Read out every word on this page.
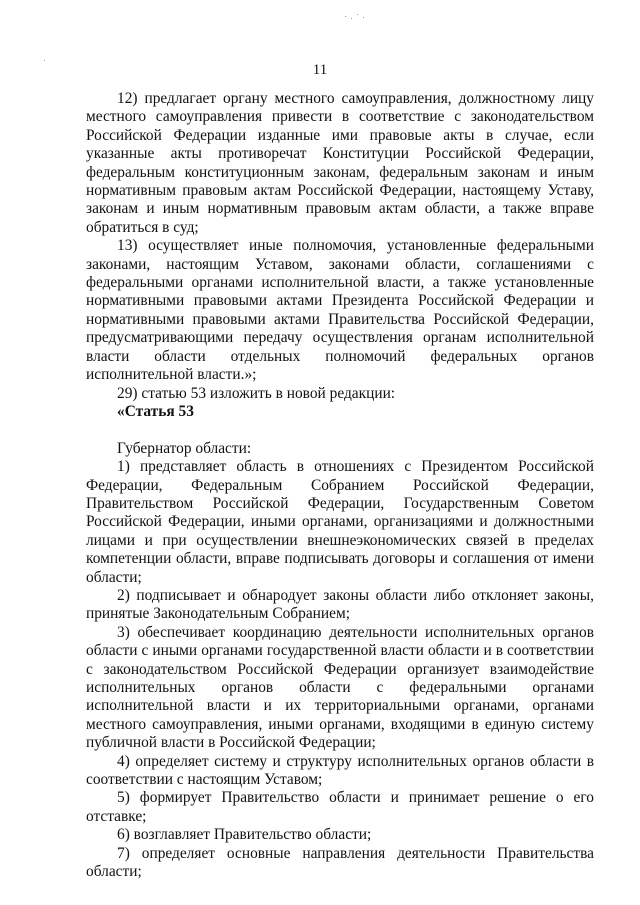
11

12) предлагает органу местного самоуправления, должностному лицу местного самоуправления привести в соответствие с законодательством Российской Федерации изданные ими правовые акты в случае, если указанные акты противоречат Конституции Российской Федерации, федеральным конституционным законам, федеральным законам и иным нормативным правовым актам Российской Федерации, настоящему Уставу, законам и иным нормативным правовым актам области, а также вправе обратиться в суд;

13) осуществляет иные полномочия, установленные федеральными законами, настоящим Уставом, законами области, соглашениями с федеральными органами исполнительной власти, а также установленные нормативными правовыми актами Президента Российской Федерации и нормативными правовыми актами Правительства Российской Федерации, предусматривающими передачу осуществления органам исполнительной власти области отдельных полномочий федеральных органов исполнительной власти.»;

29) статью 53 изложить в новой редакции:

«Статья 53

Губернатор области:

1) представляет область в отношениях с Президентом Российской Федерации, Федеральным Собранием Российской Федерации, Правительством Российской Федерации, Государственным Советом Российской Федерации, иными органами, организациями и должностными лицами и при осуществлении внешнеэкономических связей в пределах компетенции области, вправе подписывать договоры и соглашения от имени области;

2) подписывает и обнародует законы области либо отклоняет законы, принятые Законодательным Собранием;

3) обеспечивает координацию деятельности исполнительных органов области с иными органами государственной власти области и в соответствии с законодательством Российской Федерации организует взаимодействие исполнительных органов области с федеральными органами исполнительной власти и их территориальными органами, органами местного самоуправления, иными органами, входящими в единую систему публичной власти в Российской Федерации;

4) определяет систему и структуру исполнительных органов области в соответствии с настоящим Уставом;

5) формирует Правительство области и принимает решение о его отставке;

6) возглавляет Правительство области;

7) определяет основные направления деятельности Правительства области;
